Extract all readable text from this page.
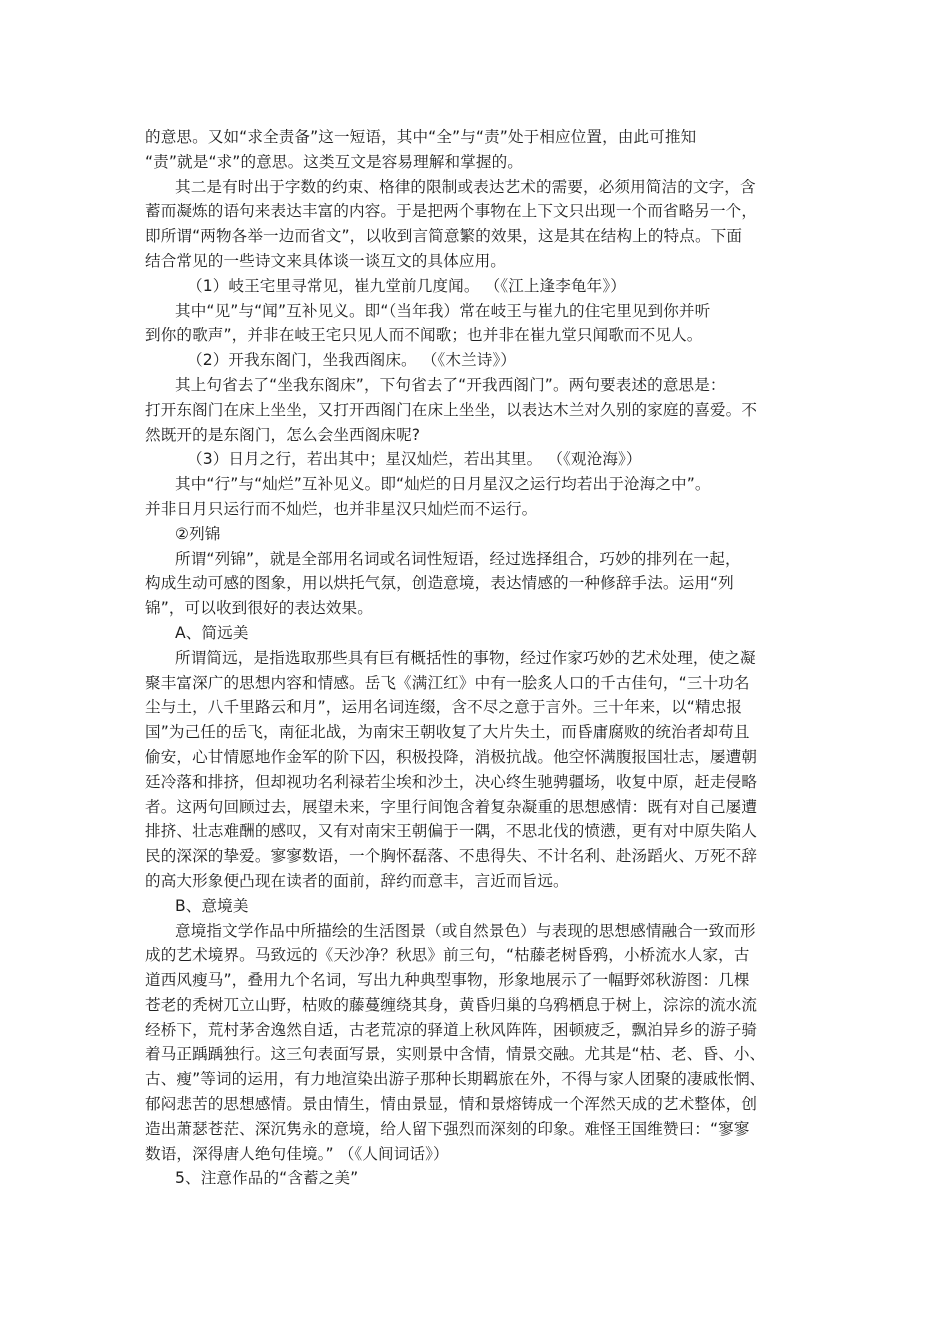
的意思。又如“求全责备”这一短语，其中“全”与“责”处于相应位置，由此可推知
“责”就是“求”的意思。这类互文是容易理解和掌握的。
其二是有时出于字数的约束、格律的限制或表达艺术的需要，必须用简洁的文字，含
蓄而凝炼的语句来表达丰富的内容。于是把两个事物在上下文只出现一个而省略另一个，
即所谓“两物各举一边而省文”，以收到言简意繁的效果，这是其在结构上的特点。下面
结合常见的一些诗文来具体谈一谈互文的具体应用。
（1）岐王宅里寻常见，崔九堂前几度闻。 （《江上逢李龟年》）
其中“见”与“闻”互补见义。即“（当年我）常在岐王与崔九的住宅里见到你并听
到你的歌声”，并非在岐王宅只见人而不闻歌；也并非在崔九堂只闻歌而不见人。
（2）开我东阁门，坐我西阁床。 （《木兰诗》）
其上句省去了“坐我东阁床”，下句省去了“开我西阁门”。两句要表述的意思是：
打开东阁门在床上坐坐，又打开西阁门在床上坐坐，以表达木兰对久别的家庭的喜爱。不
然既开的是东阁门，怎么会坐西阁床呢?
（3）日月之行，若出其中；星汉灿烂，若出其里。 （《观沧海》）
其中“行”与“灿烂”互补见义。即“灿烂的日月星汉之运行均若出于沧海之中”。
并非日月只运行而不灿烂，也并非星汉只灿烂而不运行。
②列锦
所谓“列锦”，就是全部用名词或名词性短语，经过选择组合，巧妙的排列在一起，
构成生动可感的图象，用以烘托气氛，创造意境，表达情感的一种修辞手法。运用“列
锦”，可以收到很好的表达效果。
A、简远美
所谓简远，是指选取那些具有巨有概括性的事物，经过作家巧妙的艺术处理，使之凝
聚丰富深广的思想内容和情感。岳飞《满江红》中有一脍炙人口的千古佳句，“三十功名
尘与土，八千里路云和月”，运用名词连缀，含不尽之意于言外。三十年来，以“精忠报
国”为己任的岳飞，南征北战，为南宋王朝收复了大片失土，而昏庸腐败的统治者却苟且
偷安，心甘情愿地作金军的阶下囚，积极投降，消极抗战。他空怀满腹报国壮志，屡遭朝
廷冷落和排挤，但却视功名利禄若尘埃和沙土，决心终生驰骋疆场，收复中原，赶走侵略
者。这两句回顾过去，展望未来，字里行间饱含着复杂凝重的思想感情：既有对自己屡遭
排挤、壮志难酬的感叹，又有对南宋王朝偏于一隅，不思北伐的愤懑，更有对中原失陷人
民的深深的挚爱。寥寥数语，一个胸怀磊落、不患得失、不计名利、赴汤蹈火、万死不辞
的高大形象便凸现在读者的面前，辞约而意丰，言近而旨远。
B、意境美
意境指文学作品中所描绘的生活图景（或自然景色）与表现的思想感情融合一致而形
成的艺术境界。马致远的《天沙净？秋思》前三句，“枯藤老树昏鸦，小桥流水人家，古
道西风瘦马”，叠用九个名词，写出九种典型事物，形象地展示了一幅野郊秋游图：几棵
苍老的秃树兀立山野，枯败的藤蔓缠绕其身，黄昏归巢的乌鸦栖息于树上，淙淙的流水流
经桥下，荒村茅舍逸然自适，古老荒凉的驿道上秋风阵阵，困顿疲乏，飘泊异乡的游子骑
着马正踽踽独行。这三句表面写景，实则景中含情，情景交融。尤其是“枯、老、昏、小、
古、瘦”等词的运用，有力地渲染出游子那种长期羁旅在外，不得与家人团聚的凄戚怅惘、
郁闷悲苦的思想感情。景由情生，情由景显，情和景熔铸成一个浑然天成的艺术整体，创
造出萧瑟苍茫、深沉隽永的意境，给人留下强烈而深刻的印象。难怪王国维赞曰：“寥寥
数语，深得唐人绝句佳境。” （《人间词话》）
5、注意作品的“含蓄之美”
